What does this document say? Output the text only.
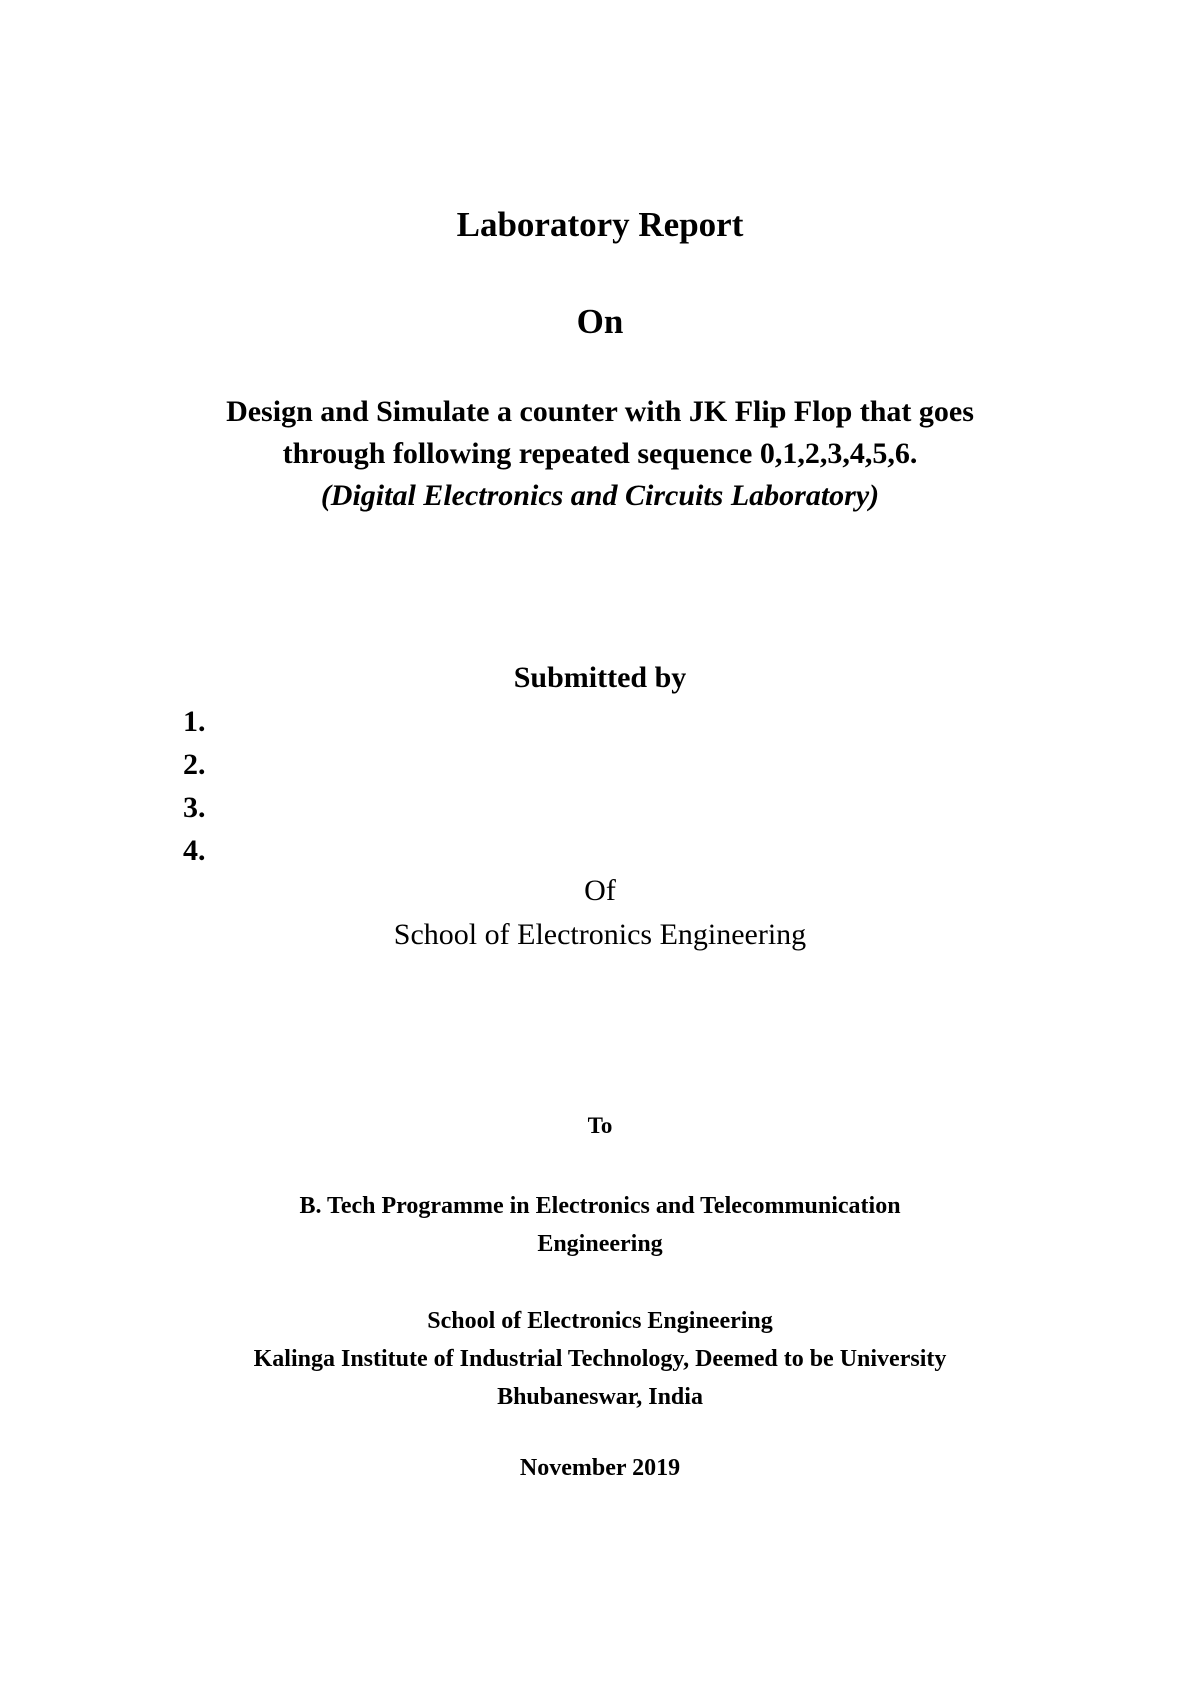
Laboratory Report
On
Design and Simulate a counter with JK Flip Flop that goes
through following repeated sequence 0,1,2,3,4,5,6.
(Digital Electronics and Circuits Laboratory)
Submitted by
1.
2.
3.
4.
Of
School of Electronics Engineering
To
B. Tech Programme in Electronics and Telecommunication
Engineering
School of Electronics Engineering
Kalinga Institute of Industrial Technology, Deemed to be University
Bhubaneswar, India
November 2019
